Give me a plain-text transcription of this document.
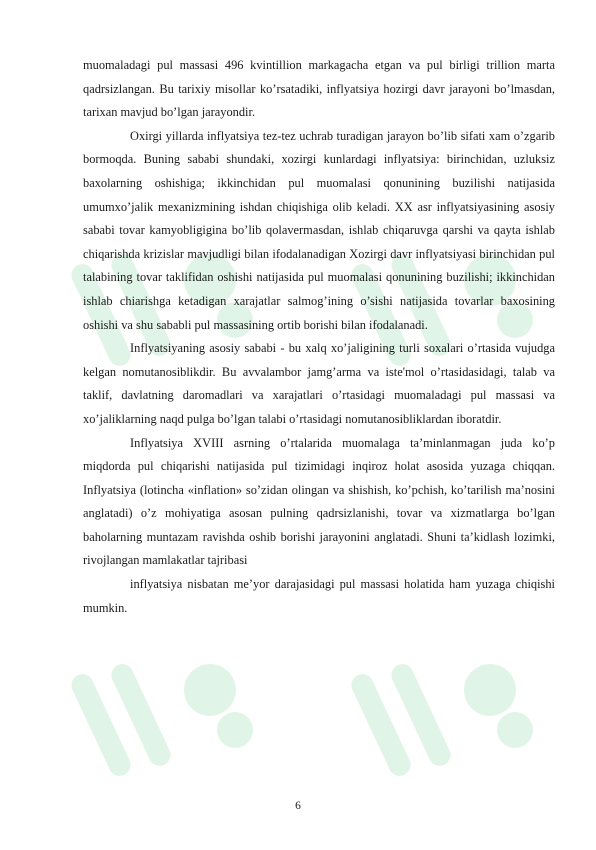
muomaladagi pul massasi 496 kvintillion markagacha etgan va pul birligi trillion marta qadrsizlangan. Bu tarixiy misollar ko’rsatadiki, inflyatsiya hozirgi davr jarayoni bo’lmasdan, tarixan mavjud bo’lgan jarayondir.

Oxirgi yillarda inflyatsiya tez-tez uchrab turadigan jarayon bo’lib sifati xam o’zgarib bormoqda. Buning sababi shundaki, xozirgi kunlardagi inflyatsiya: birinchidan, uzluksiz baxolarning oshishiga; ikkinchidan pul muomalasi qonunining buzilishi natijasida umumxo’jalik mexanizmining ishdan chiqishiga olib keladi. XX asr inflyatsiyasining asosiy sababi tovar kamyobligigina bo’lib qolavermasdan, ishlab chiqaruvga qarshi va qayta ishlab chiqarishda krizislar mavjudligi bilan ifodalanadigan Xozirgi davr inflyatsiyasi birinchidan pul talabining tovar taklifidan oshishi natijasida pul muomalasi qonunining buzilishi; ikkinchidan ishlab chiarishga ketadigan xarajatlar salmog’ining o’sishi natijasida tovarlar baxosining oshishi va shu sababli pul massasining ortib borishi bilan ifodalanadi.

Inflyatsiyaning asosiy sababi - bu xalq xo’jaligining turli soxalari o’rtasida vujudga kelgan nomutanosiblikdir. Bu avvalambor jamg’arma va iste'mol o’rtasidasidagi, talab va taklif, davlatning daromadlari va xarajatlari o’rtasidagi muomaladagi pul massasi va xo’jaliklarning naqd pulga bo’lgan talabi o’rtasidagi nomutanosibliklardan iboratdir.

Inflyatsiya XVIII asrning o’rtalarida muomalaga ta’minlanmagan juda ko’p miqdorda pul chiqarishi natijasida pul tizimidagi inqiroz holat asosida yuzaga chiqqan. Inflyatsiya (lotincha «inflation» so’zidan olingan va shishish, ko’pchish, ko’tarilish ma’nosini anglatadi) o’z mohiyatiga asosan pulning qadrsizlanishi, tovar va xizmatlarga bo’lgan baholarning muntazam ravishda oshib borishi jarayonini anglatadi. Shuni ta’kidlash lozimki, rivojlangan mamlakatlar tajribasi

inflyatsiya nisbatan me’yor darajasidagi pul massasi holatida ham yuzaga chiqishi mumkin.

6
